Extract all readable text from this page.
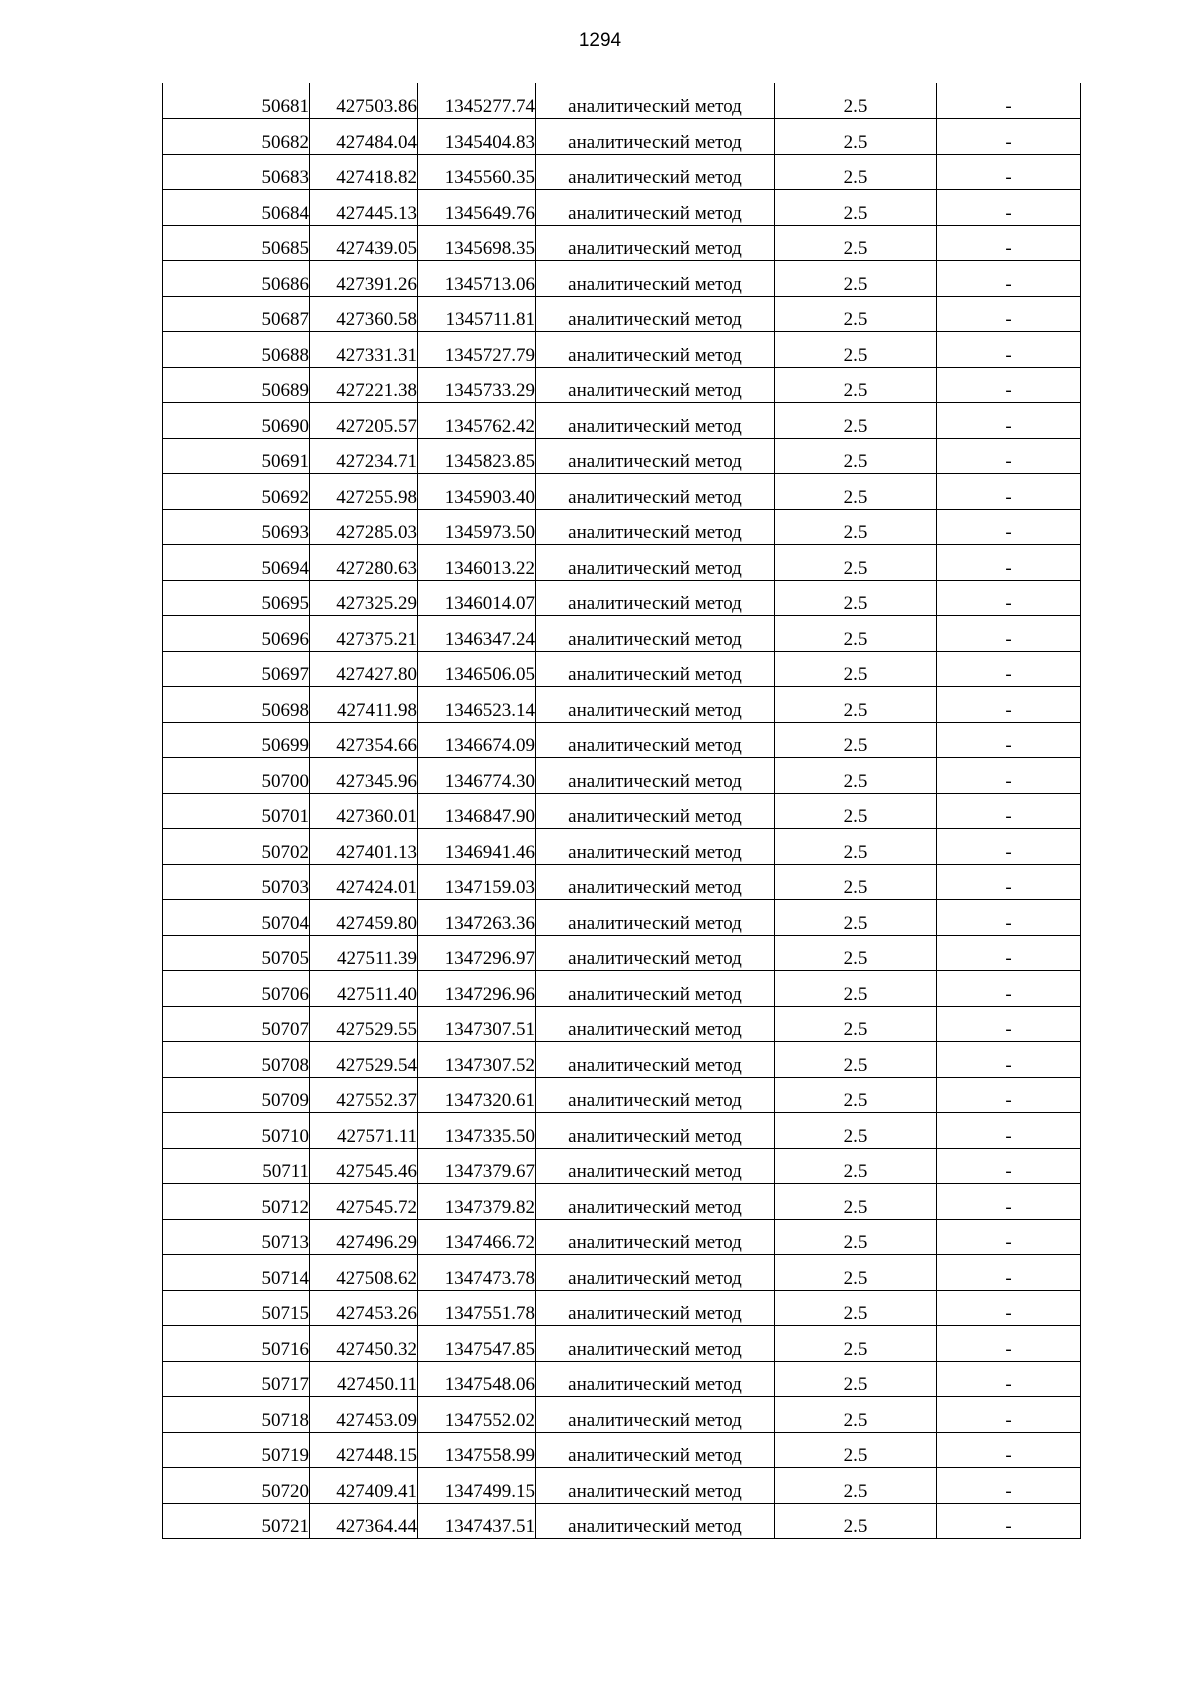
1294
50681	427503.86	1345277.74	аналитический метод	2.5	-
50682	427484.04	1345404.83	аналитический метод	2.5	-
50683	427418.82	1345560.35	аналитический метод	2.5	-
50684	427445.13	1345649.76	аналитический метод	2.5	-
50685	427439.05	1345698.35	аналитический метод	2.5	-
50686	427391.26	1345713.06	аналитический метод	2.5	-
50687	427360.58	1345711.81	аналитический метод	2.5	-
50688	427331.31	1345727.79	аналитический метод	2.5	-
50689	427221.38	1345733.29	аналитический метод	2.5	-
50690	427205.57	1345762.42	аналитический метод	2.5	-
50691	427234.71	1345823.85	аналитический метод	2.5	-
50692	427255.98	1345903.40	аналитический метод	2.5	-
50693	427285.03	1345973.50	аналитический метод	2.5	-
50694	427280.63	1346013.22	аналитический метод	2.5	-
50695	427325.29	1346014.07	аналитический метод	2.5	-
50696	427375.21	1346347.24	аналитический метод	2.5	-
50697	427427.80	1346506.05	аналитический метод	2.5	-
50698	427411.98	1346523.14	аналитический метод	2.5	-
50699	427354.66	1346674.09	аналитический метод	2.5	-
50700	427345.96	1346774.30	аналитический метод	2.5	-
50701	427360.01	1346847.90	аналитический метод	2.5	-
50702	427401.13	1346941.46	аналитический метод	2.5	-
50703	427424.01	1347159.03	аналитический метод	2.5	-
50704	427459.80	1347263.36	аналитический метод	2.5	-
50705	427511.39	1347296.97	аналитический метод	2.5	-
50706	427511.40	1347296.96	аналитический метод	2.5	-
50707	427529.55	1347307.51	аналитический метод	2.5	-
50708	427529.54	1347307.52	аналитический метод	2.5	-
50709	427552.37	1347320.61	аналитический метод	2.5	-
50710	427571.11	1347335.50	аналитический метод	2.5	-
50711	427545.46	1347379.67	аналитический метод	2.5	-
50712	427545.72	1347379.82	аналитический метод	2.5	-
50713	427496.29	1347466.72	аналитический метод	2.5	-
50714	427508.62	1347473.78	аналитический метод	2.5	-
50715	427453.26	1347551.78	аналитический метод	2.5	-
50716	427450.32	1347547.85	аналитический метод	2.5	-
50717	427450.11	1347548.06	аналитический метод	2.5	-
50718	427453.09	1347552.02	аналитический метод	2.5	-
50719	427448.15	1347558.99	аналитический метод	2.5	-
50720	427409.41	1347499.15	аналитический метод	2.5	-
50721	427364.44	1347437.51	аналитический метод	2.5	-
